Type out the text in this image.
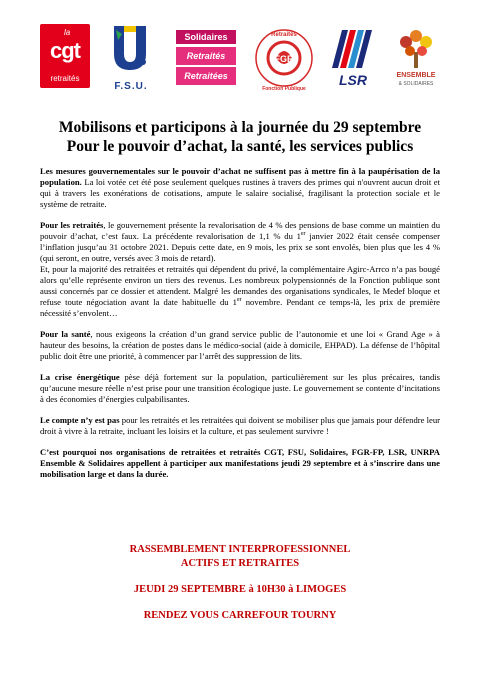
la
cgt
retraités
F.S.U.
Solidaires
Retraités
Retraitées
FGR
Retraités
Fonction Publique
LSR	ENSEMBLE
& SOLIDAIRES
Mobilisons et participons à la journée du 29 septembre
Pour le pouvoir d’achat, la santé, les services publics

Les mesures gouvernementales sur le pouvoir d’achat ne suffisent pas à mettre fin à la paupérisation de la population. La loi votée cet été pose seulement quelques rustines à travers des primes qui n'ouvrent aucun droit et qui à travers les exonérations de cotisations, ampute le salaire socialisé, fragilisant la protection sociale et le système de retraite.

Pour les retraités, le gouvernement présente la revalorisation de 4 % des pensions de base comme un maintien du pouvoir d’achat, c’est faux. La précédente revalorisation de 1,1 % du 1er janvier 2022 était censée compenser l’inflation jusqu’au 31 octobre 2021. Depuis cette date, en 9 mois, les prix se sont envolés, bien plus que les 4 % (qui seront, en outre, versés avec 3 mois de retard).

Et, pour la majorité des retraitées et retraités qui dépendent du privé, la complémentaire Agirc-Arrco n’a pas bougé alors qu’elle représente environ un tiers des revenus. Les nombreux polypensionnés de la Fonction publique sont aussi concernés par ce dossier et attendent. Malgré les demandes des organisations syndicales, le Medef bloque et refuse toute négociation avant la date habituelle du 1er novembre. Pendant ce temps-là, les prix de première nécessité s’envolent…

Pour la santé, nous exigeons la création d’un grand service public de l’autonomie et une loi « Grand Age » à hauteur des besoins, la création de postes dans le médico-social (aide à domicile, EHPAD). La défense de l’hôpital public doit être une priorité, à commencer par l’arrêt des suppression de lits.

La crise énergétique pèse déjà fortement sur la population, particulièrement sur les plus précaires, tandis qu’aucune mesure réelle n’est prise pour une transition écologique juste. Le gouvernement se contente d’incitations à des économies d’énergies culpabilisantes.

Le compte n’y est pas pour les retraités et les retraitées qui doivent se mobiliser plus que jamais pour défendre leur droit à vivre à la retraite, incluant les loisirs et la culture, et pas seulement survivre !

C’est pourquoi nos organisations de retraitées et retraités CGT, FSU, Solidaires, FGR-FP, LSR, UNRPA Ensemble & Solidaires appellent à participer aux manifestations jeudi 29 septembre et à s’inscrire dans une mobilisation large et dans la durée.

RASSEMBLEMENT INTERPROFESSIONNEL
ACTIFS ET RETRAITES
JEUDI 29 SEPTEMBRE à 10H30 à LIMOGES
RENDEZ VOUS CARREFOUR TOURNY
